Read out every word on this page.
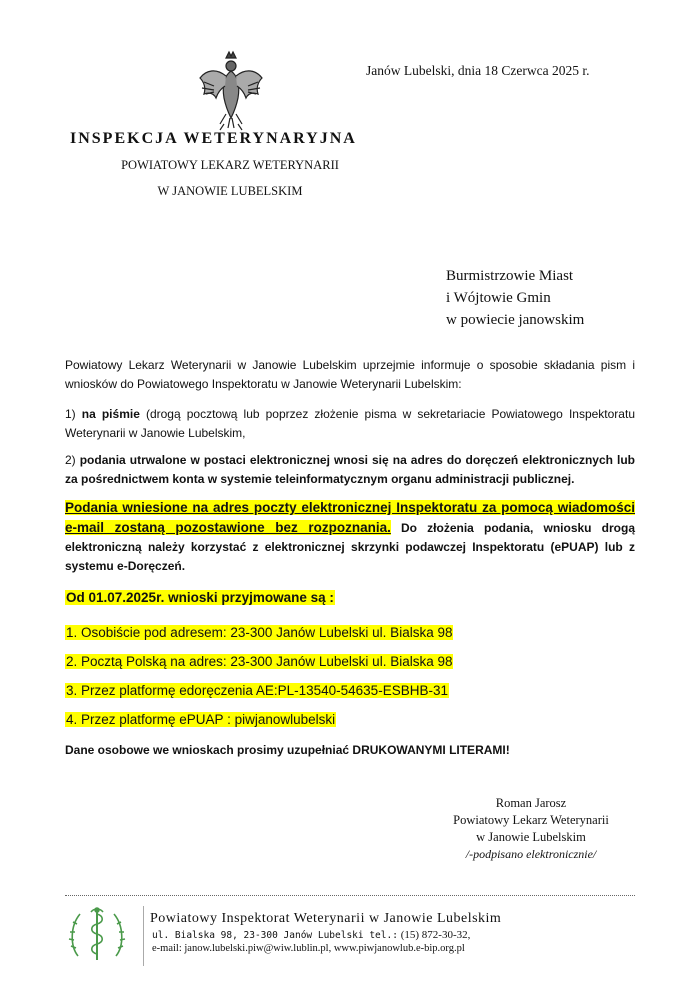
Janów Lubelski, dnia 18 Czerwca 2025 r.
INSPEKCJA WETERYNARYJNA
POWIATOWY LEKARZ WETERYNARII
W JANOWIE LUBELSKIM
Burmistrzowie Miast
i Wójtowie Gmin
w powiecie janowskim
Powiatowy Lekarz Weterynarii w Janowie Lubelskim uprzejmie informuje o sposobie składania pism i wniosków do Powiatowego Inspektoratu w Janowie Weterynarii Lubelskim:
1) na piśmie (drogą pocztową lub poprzez złożenie pisma w sekretariacie Powiatowego Inspektoratu Weterynarii w Janowie Lubelskim,
2) podania utrwalone w postaci elektronicznej wnosi się na adres do doręczeń elektronicznych lub za pośrednictwem konta w systemie teleinformatycznym organu administracji publicznej.
Podania wniesione na adres poczty elektronicznej Inspektoratu za pomocą wiadomości e-mail zostaną pozostawione bez rozpoznania. Do złożenia podania, wniosku drogą elektroniczną należy korzystać z elektronicznej skrzynki podawczej Inspektoratu (ePUAP) lub z systemu e-Doręczeń.
Od 01.07.2025r. wnioski przyjmowane są :
1. Osobiście pod adresem: 23-300 Janów Lubelski ul. Bialska 98
2. Pocztą Polską na adres: 23-300 Janów Lubelski ul. Bialska 98
3. Przez platformę edoręczenia AE:PL-13540-54635-ESBHB-31
4. Przez platformę ePUAP : piwjanowlubelski
Dane osobowe we wnioskach prosimy uzupełniać DRUKOWANYMI LITERAMI!
Roman Jarosz
Powiatowy Lekarz Weterynarii
w Janowie Lubelskim
/-podpisano elektronicznie/
Powiatowy Inspektorat Weterynarii w Janowie Lubelskim
ul. Bialska 98, 23-300 Janów Lubelski tel.: (15) 872-30-32,
e-mail: janow.lubelski.piw@wiw.lublin.pl, www.piwjanowlub.e-bip.org.pl
